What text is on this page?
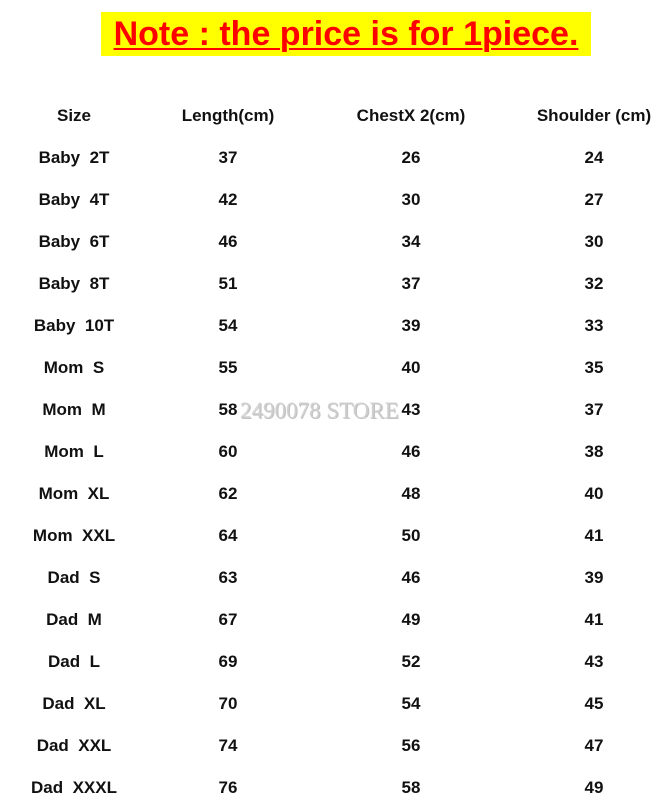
Note : the price is for 1piece.
Size	Length(cm)	ChestX 2(cm)	Shoulder (cm)
Baby  2T	37	26	24
Baby  4T	42	30	27
Baby  6T	46	34	30
Baby  8T	51	37	32
Baby  10T	54	39	33
Mom  S	55	40	35
Mom  M	58	43	37
Mom  L	60	46	38
Mom  XL	62	48	40
Mom  XXL	64	50	41
Dad  S	63	46	39
Dad  M	67	49	41
Dad  L	69	52	43
Dad  XL	70	54	45
Dad  XXL	74	56	47
Dad  XXXL	76	58	49
2490078 STORE
